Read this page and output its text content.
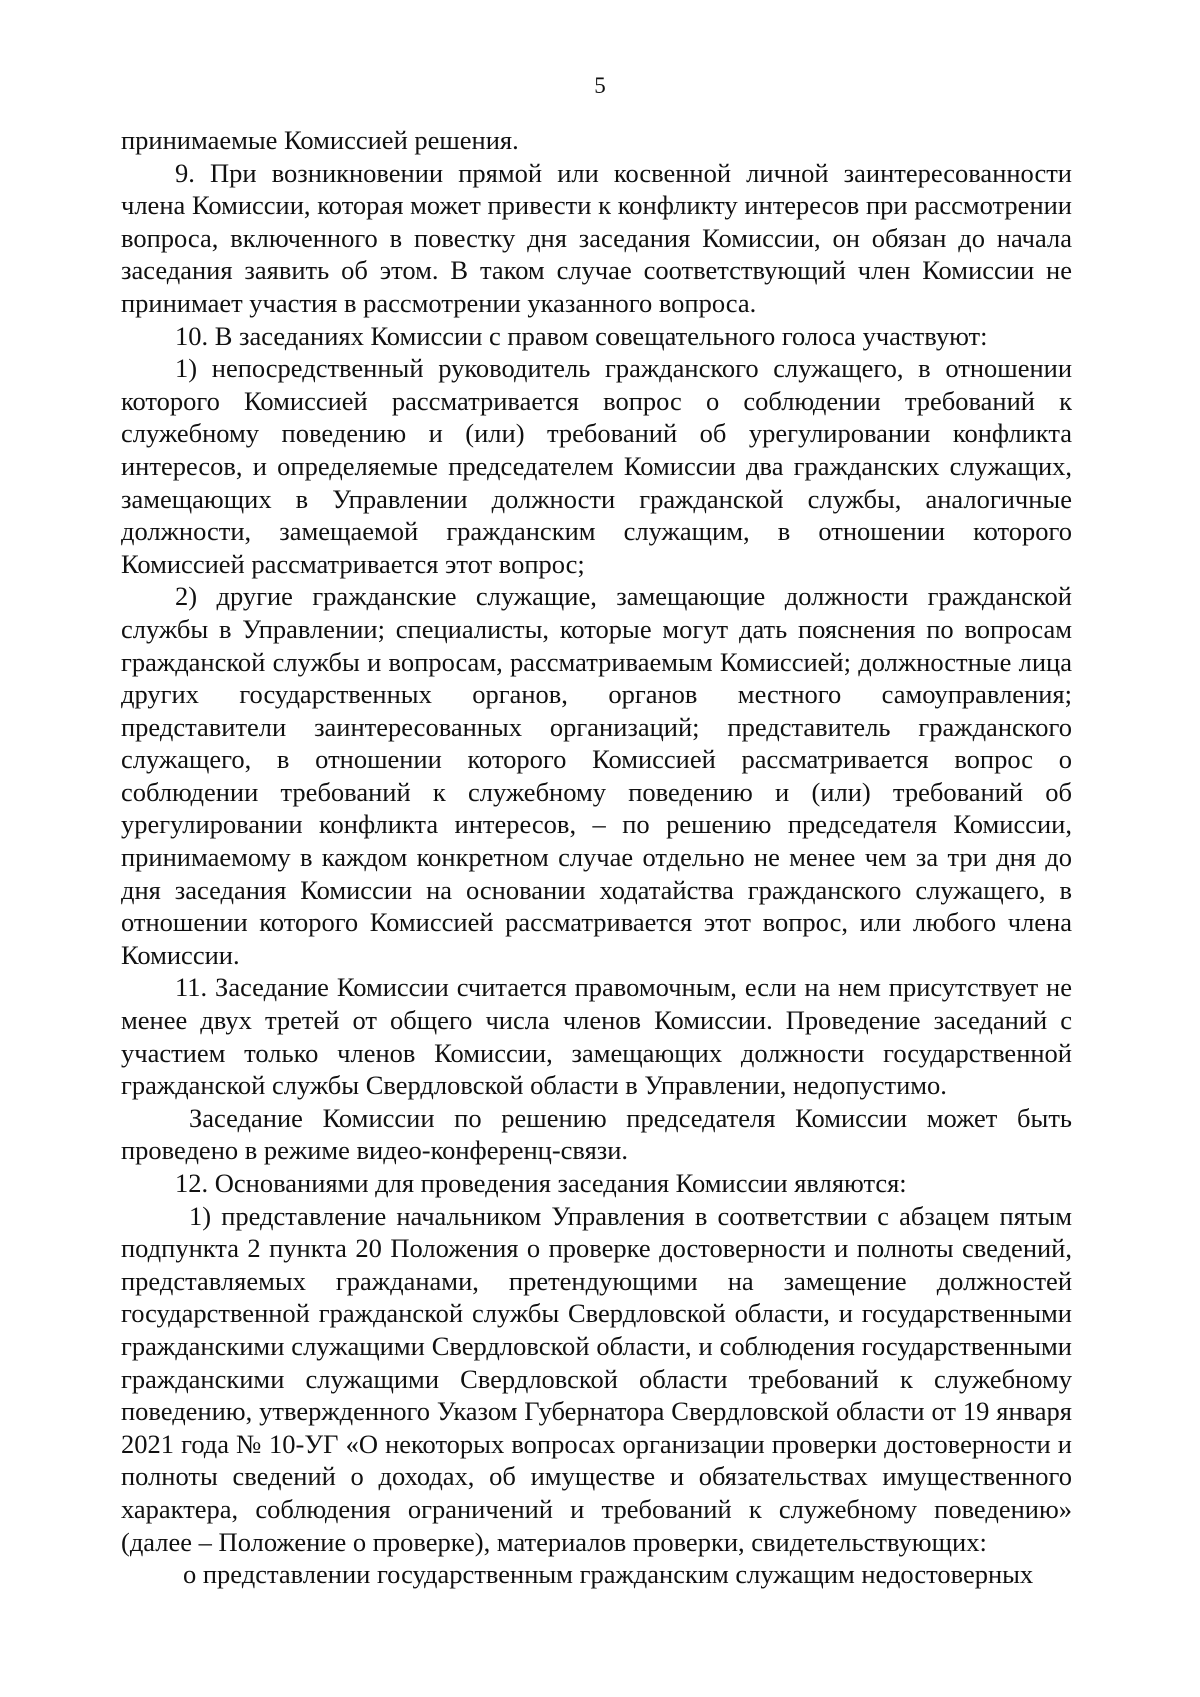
5

принимаемые Комиссией решения.

9. При возникновении прямой или косвенной личной заинтересованности члена Комиссии, которая может привести к конфликту интересов при рассмотрении вопроса, включенного в повестку дня заседания Комиссии, он обязан до начала заседания заявить об этом. В таком случае соответствующий член Комиссии не принимает участия в рассмотрении указанного вопроса.

10. В заседаниях Комиссии с правом совещательного голоса участвуют:

1) непосредственный руководитель гражданского служащего, в отношении которого Комиссией рассматривается вопрос о соблюдении требований к служебному поведению и (или) требований об урегулировании конфликта интересов, и определяемые председателем Комиссии два гражданских служащих, замещающих в Управлении должности гражданской службы, аналогичные должности, замещаемой гражданским служащим, в отношении которого Комиссией рассматривается этот вопрос;

2) другие гражданские служащие, замещающие должности гражданской службы в Управлении; специалисты, которые могут дать пояснения по вопросам гражданской службы и вопросам, рассматриваемым Комиссией; должностные лица других государственных органов, органов местного самоуправления; представители заинтересованных организаций; представитель гражданского служащего, в отношении которого Комиссией рассматривается вопрос о соблюдении требований к служебному поведению и (или) требований об урегулировании конфликта интересов, – по решению председателя Комиссии, принимаемому в каждом конкретном случае отдельно не менее чем за три дня до дня заседания Комиссии на основании ходатайства гражданского служащего, в отношении которого Комиссией рассматривается этот вопрос, или любого члена Комиссии.

11. Заседание Комиссии считается правомочным, если на нем присутствует не менее двух третей от общего числа членов Комиссии. Проведение заседаний с участием только членов Комиссии, замещающих должности государственной гражданской службы Свердловской области в Управлении, недопустимо.

Заседание Комиссии по решению председателя Комиссии может быть проведено в режиме видео-конференц-связи.

12. Основаниями для проведения заседания Комиссии являются:

1) представление начальником Управления в соответствии с абзацем пятым подпункта 2 пункта 20 Положения о проверке достоверности и полноты сведений, представляемых гражданами, претендующими на замещение должностей государственной гражданской службы Свердловской области, и государственными гражданскими служащими Свердловской области, и соблюдения государственными гражданскими служащими Свердловской области требований к служебному поведению, утвержденного Указом Губернатора Свердловской области от 19 января 2021 года № 10-УГ «О некоторых вопросах организации проверки достоверности и полноты сведений о доходах, об имуществе и обязательствах имущественного характера, соблюдения ограничений и требований к служебному поведению» (далее – Положение о проверке), материалов проверки, свидетельствующих:

о представлении государственным гражданским служащим недостоверных
